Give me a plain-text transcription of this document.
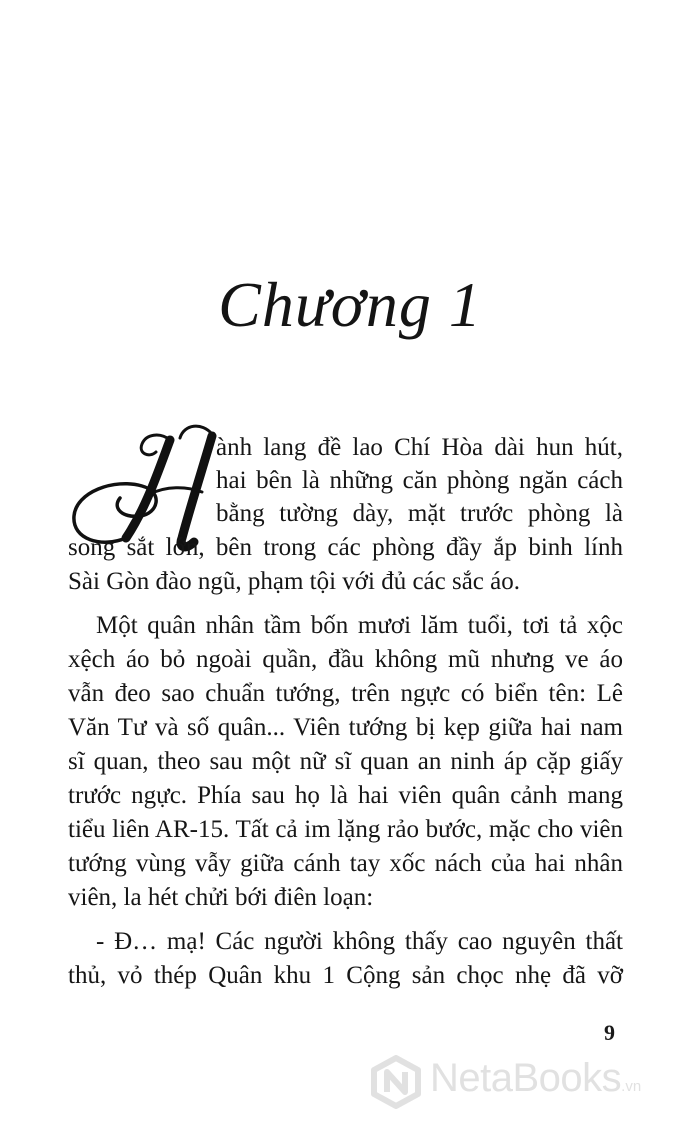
Chương 1
ành lang đề lao Chí Hòa dài hun hút,
hai bên là những căn phòng ngăn cách
bằng tường dày, mặt trước phòng là
song sắt lớn, bên trong các phòng đầy ắp binh lính
Sài Gòn đào ngũ, phạm tội với đủ các sắc áo.
Một quân nhân tầm bốn mươi lăm tuổi, tơi tả xộc
xệch áo bỏ ngoài quần, đầu không mũ nhưng ve áo
vẫn đeo sao chuẩn tướng, trên ngực có biển tên: Lê
Văn Tư và số quân... Viên tướng bị kẹp giữa hai nam
sĩ quan, theo sau một nữ sĩ quan an ninh áp cặp giấy
trước ngực. Phía sau họ là hai viên quân cảnh mang
tiểu liên AR-15. Tất cả im lặng rảo bước, mặc cho viên
tướng vùng vẫy giữa cánh tay xốc nách của hai nhân
viên, la hét chửi bới điên loạn:
- Đ… mạ! Các người không thấy cao nguyên thất
thủ, vỏ thép Quân khu 1 Cộng sản chọc nhẹ đã vỡ
9
NetaBooks.vn
